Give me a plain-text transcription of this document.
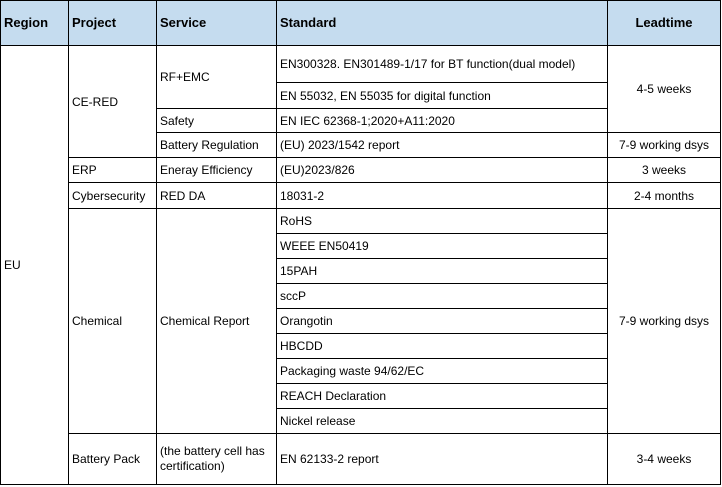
Region	Project	Service	Standard	Leadtime
EU	CE-RED	RF+EMC	EN300328. EN301489-1/17 for BT function(dual model)	4-5 weeks
			EN 55032, EN 55035 for digital function	
		Safety	EN IEC 62368-1;2020+A11:2020	
		Battery Regulation	(EU) 2023/1542 report	7-9 working dsys
	ERP	Eneray Efficiency	(EU)2023/826	3 weeks
	Cybersecurity	RED DA	18031-2	2-4 months
	Chemical	Chemical Report	RoHS	7-9 working dsys
			WEEE EN50419	
			15PAH	
			sccP	
			Orangotin	
			HBCDD	
			Packaging waste 94/62/EC	
			REACH Declaration	
			Nickel release	
	Battery Pack	(the battery cell has certification)	EN 62133-2 report	3-4 weeks
